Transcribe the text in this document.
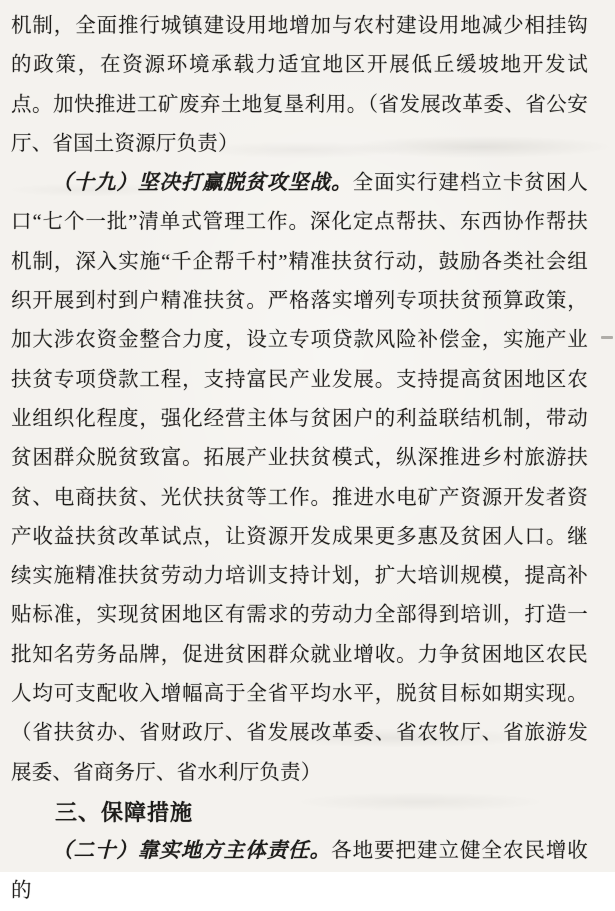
机制，全面推行城镇建设用地增加与农村建设用地减少相挂钩的政策，在资源环境承载力适宜地区开展低丘缓坡地开发试点。加快推进工矿废弃土地复垦利用。（省发展改革委、省公安厅、省国土资源厅负责）

（十九）坚决打赢脱贫攻坚战。全面实行建档立卡贫困人口“七个一批”清单式管理工作。深化定点帮扶、东西协作帮扶机制，深入实施“千企帮千村”精准扶贫行动，鼓励各类社会组织开展到村到户精准扶贫。严格落实增列专项扶贫预算政策，加大涉农资金整合力度，设立专项贷款风险补偿金，实施产业扶贫专项贷款工程，支持富民产业发展。支持提高贫困地区农业组织化程度，强化经营主体与贫困户的利益联结机制，带动贫困群众脱贫致富。拓展产业扶贫模式，纵深推进乡村旅游扶贫、电商扶贫、光伏扶贫等工作。推进水电矿产资源开发者资产收益扶贫改革试点，让资源开发成果更多惠及贫困人口。继续实施精准扶贫劳动力培训支持计划，扩大培训规模，提高补贴标准，实现贫困地区有需求的劳动力全部得到培训，打造一批知名劳务品牌，促进贫困群众就业增收。力争贫困地区农民人均可支配收入增幅高于全省平均水平，脱贫目标如期实现。（省扶贫办、省财政厅、省发展改革委、省农牧厅、省旅游发展委、省商务厅、省水利厅负责）

三、保障措施

（二十）靠实地方主体责任。各地要把建立健全农民增收的
